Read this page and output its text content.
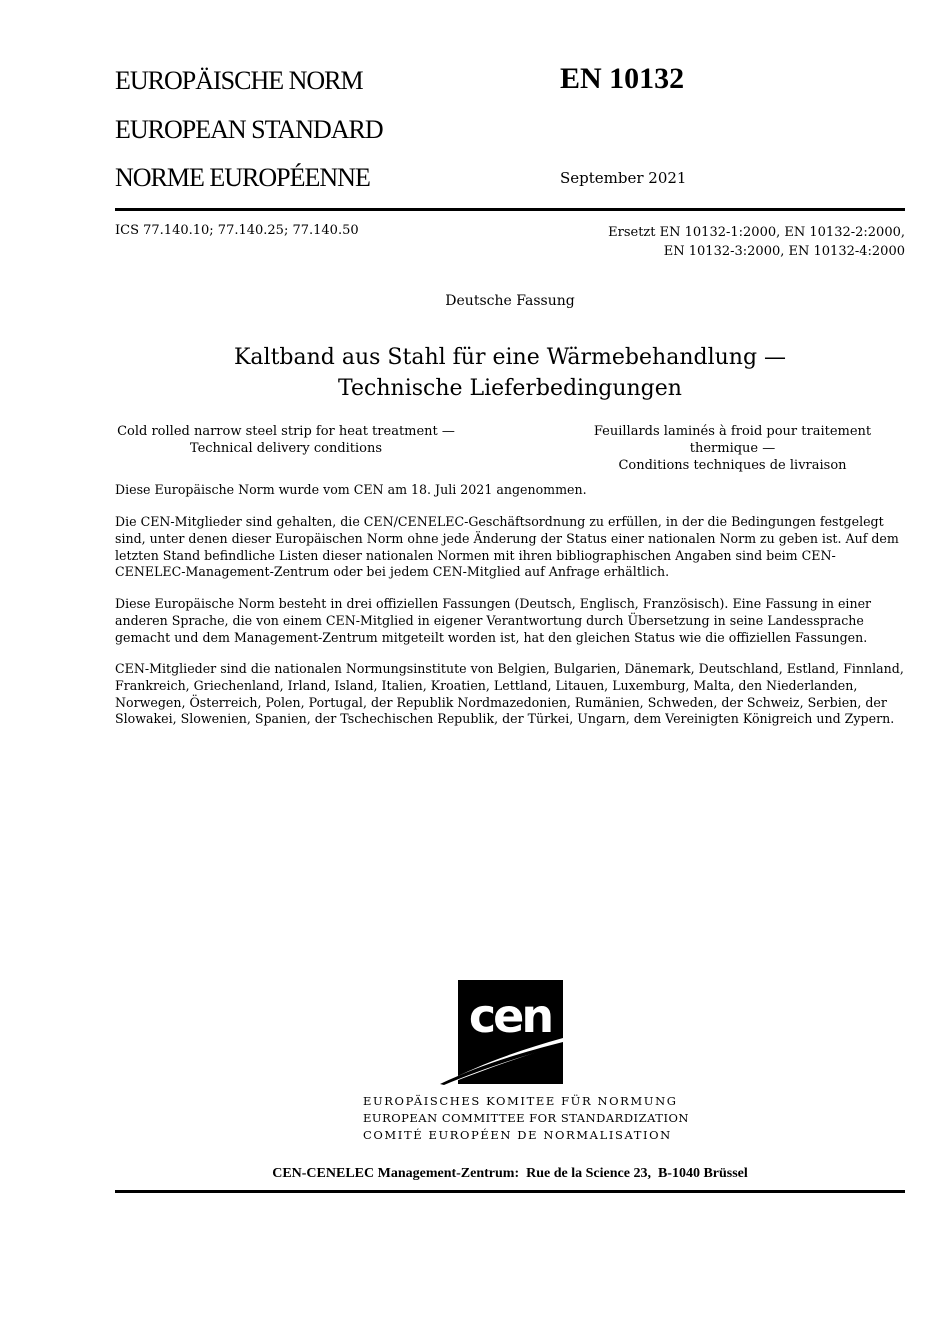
EUROPÄISCHE NORM
EUROPEAN STANDARD
NORME EUROPÉENNE
EN 10132
September 2021
ICS 77.140.10; 77.140.25; 77.140.50	Ersetzt EN 10132-1:2000, EN 10132-2:2000,
EN 10132-3:2000, EN 10132-4:2000
Deutsche Fassung
Kaltband aus Stahl für eine Wärmebehandlung —
Technische Lieferbedingungen
Cold rolled narrow steel strip for heat treatment —
Technical delivery conditions
Feuillards laminés à froid pour traitement thermique —
Conditions techniques de livraison
Diese Europäische Norm wurde vom CEN am 18. Juli 2021 angenommen.
Die CEN-Mitglieder sind gehalten, die CEN/CENELEC-Geschäftsordnung zu erfüllen, in der die Bedingungen festgelegt sind, unter denen dieser Europäischen Norm ohne jede Änderung der Status einer nationalen Norm zu geben ist. Auf dem letzten Stand befindliche Listen dieser nationalen Normen mit ihren bibliographischen Angaben sind beim CEN-CENELEC-Management-Zentrum oder bei jedem CEN-Mitglied auf Anfrage erhältlich.
Diese Europäische Norm besteht in drei offiziellen Fassungen (Deutsch, Englisch, Französisch). Eine Fassung in einer anderen Sprache, die von einem CEN-Mitglied in eigener Verantwortung durch Übersetzung in seine Landessprache gemacht und dem Management-Zentrum mitgeteilt worden ist, hat den gleichen Status wie die offiziellen Fassungen.
CEN-Mitglieder sind die nationalen Normungsinstitute von Belgien, Bulgarien, Dänemark, Deutschland, Estland, Finnland, Frankreich, Griechenland, Irland, Island, Italien, Kroatien, Lettland, Litauen, Luxemburg, Malta, den Niederlanden, Norwegen, Österreich, Polen, Portugal, der Republik Nordmazedonien, Rumänien, Schweden, der Schweiz, Serbien, der Slowakei, Slowenien, Spanien, der Tschechischen Republik, der Türkei, Ungarn, dem Vereinigten Königreich und Zypern.
cen
EUROPÄISCHES KOMITEE FÜR NORMUNG
EUROPEAN COMMITTEE FOR STANDARDIZATION
COMITÉ EUROPÉEN DE NORMALISATION
CEN-CENELEC Management-Zentrum:  Rue de la Science 23,  B-1040 Brüssel
